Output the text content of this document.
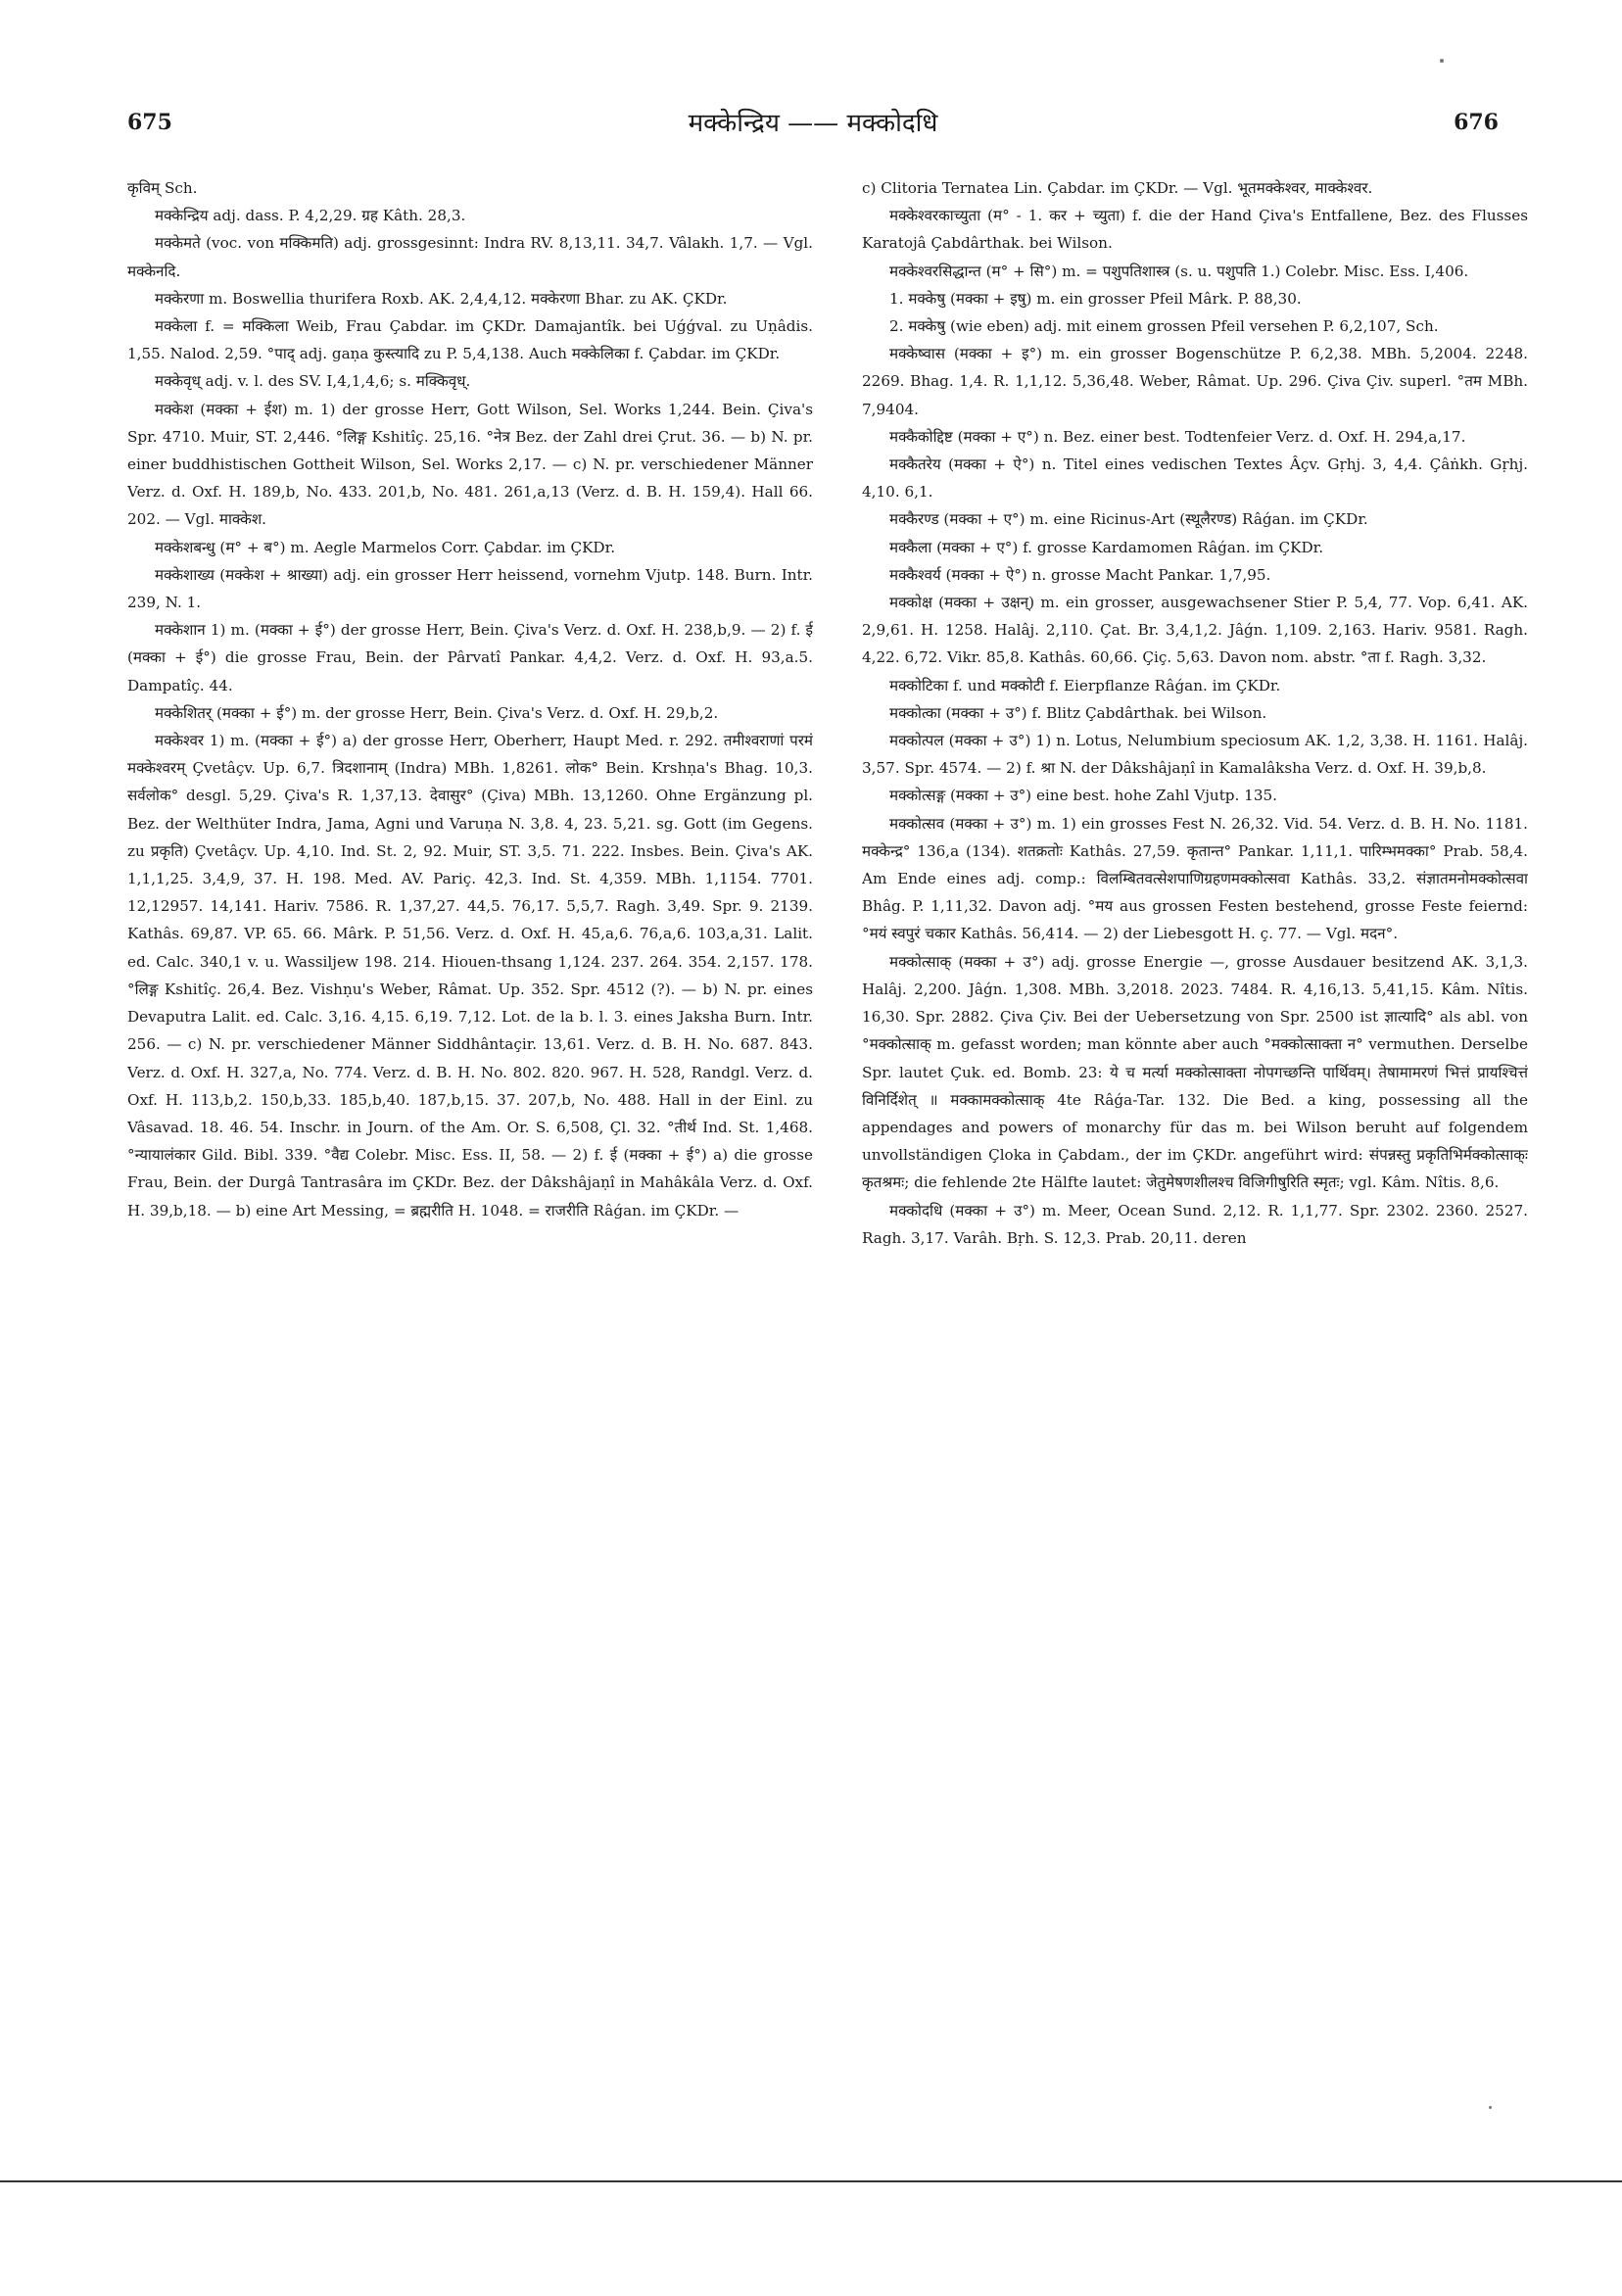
675	मक्केन्द्रिय —— मक्कोदधि	676

कृविम् Sch.

मक्केन्द्रिय adj. dass. P. 4,2,29. ग्रह Kâth. 28,3.

मक्केमते (voc. von मक्किमति) adj. grossgesinnt: Indra RV. 8,13,11. 34,7. Vâlakh. 1,7. — Vgl. मक्केनदि.

मक्केरणा m. Boswellia thurifera Roxb. AK. 2,4,4,12. मक्केरणा Bhar. zu AK. ÇKDr.

मक्केला f. = मक्किला Weib, Frau Çabdar. im ÇKDr. Damajantîk. bei Uǵǵval. zu Uṇâdis. 1,55. Nalod. 2,59. °पाद् adj. gaṇa कुस्त्यादि zu P. 5,4,138. Auch मक्केलिका f. Çabdar. im ÇKDr.

मक्केवृध् adj. v. l. des SV. I,4,1,4,6; s. मक्किवृध्.

मक्केश (मक्का + ईश) m. 1) der grosse Herr, Gott Wilson, Sel. Works 1,244. Bein. Çiva's Spr. 4710. Muir, ST. 2,446. °लिङ्ग Kshitîç. 25,16. °नेत्र Bez. der Zahl drei Çrut. 36. — b) N. pr. einer buddhistischen Gottheit Wilson, Sel. Works 2,17. — c) N. pr. verschiedener Männer Verz. d. Oxf. H. 189,b, No. 433. 201,b, No. 481. 261,a,13 (Verz. d. B. H. 159,4). Hall 66. 202. — Vgl. माक्केश.

मक्केशबन्धु (म° + ब°) m. Aegle Marmelos Corr. Çabdar. im ÇKDr.

मक्केशाख्य (मक्केश + श्राख्या) adj. ein grosser Herr heissend, vornehm Vjutp. 148. Burn. Intr. 239, N. 1.

मक्केशान 1) m. (मक्का + ई°) der grosse Herr, Bein. Çiva's Verz. d. Oxf. H. 238,b,9. — 2) f. ई (मक्का + ई°) die grosse Frau, Bein. der Pârvatî Pankar. 4,4,2. Verz. d. Oxf. H. 93,a.5. Dampatîç. 44.

मक्केशितर् (मक्का + ई°) m. der grosse Herr, Bein. Çiva's Verz. d. Oxf. H. 29,b,2.

मक्केश्वर 1) m. (मक्का + ई°) a) der grosse Herr, Oberherr, Haupt Med. r. 292. तमीश्वराणां परमं मक्केश्वरम् Çvetâçv. Up. 6,7. त्रिदशानाम् (Indra) MBh. 1,8261. लोक° Bein. Krshṇa's Bhag. 10,3. सर्वलोक° desgl. 5,29. Çiva's R. 1,37,13. देवासुर° (Çiva) MBh. 13,1260. Ohne Ergänzung pl. Bez. der Welthüter Indra, Jama, Agni und Varuṇa N. 3,8. 4, 23. 5,21. sg. Gott (im Gegens. zu प्रकृति) Çvetâçv. Up. 4,10. Ind. St. 2, 92. Muir, ST. 3,5. 71. 222. Insbes. Bein. Çiva's AK. 1,1,1,25. 3,4,9, 37. H. 198. Med. AV. Pariç. 42,3. Ind. St. 4,359. MBh. 1,1154. 7701. 12,12957. 14,141. Hariv. 7586. R. 1,37,27. 44,5. 76,17. 5,5,7. Ragh. 3,49. Spr. 9. 2139. Kathâs. 69,87. VP. 65. 66. Mârk. P. 51,56. Verz. d. Oxf. H. 45,a,6. 76,a,6. 103,a,31. Lalit. ed. Calc. 340,1 v. u. Wassiljew 198. 214. Hiouen-thsang 1,124. 237. 264. 354. 2,157. 178. °लिङ्ग Kshitîç. 26,4. Bez. Vishṇu's Weber, Râmat. Up. 352. Spr. 4512 (?). — b) N. pr. eines Devaputra Lalit. ed. Calc. 3,16. 4,15. 6,19. 7,12. Lot. de la b. l. 3. eines Jaksha Burn. Intr. 256. — c) N. pr. verschiedener Männer Siddhântaçir. 13,61. Verz. d. B. H. No. 687. 843. Verz. d. Oxf. H. 327,a, No. 774. Verz. d. B. H. No. 802. 820. 967. H. 528, Randgl. Verz. d. Oxf. H. 113,b,2. 150,b,33. 185,b,40. 187,b,15. 37. 207,b, No. 488. Hall in der Einl. zu Vâsavad. 18. 46. 54. Inschr. in Journ. of the Am. Or. S. 6,508, Çl. 32. °तीर्थ Ind. St. 1,468. °न्यायालंकार Gild. Bibl. 339. °वैद्य Colebr. Misc. Ess. II, 58. — 2) f. ई (मक्का + ई°) a) die grosse Frau, Bein. der Durgâ Tantrasâra im ÇKDr. Bez. der Dâkshâjaṇî in Mahâkâla Verz. d. Oxf. H. 39,b,18. — b) eine Art Messing, = ब्रह्मरीति H. 1048. = राजरीति Râǵan. im ÇKDr. —

c) Clitoria Ternatea Lin. Çabdar. im ÇKDr. — Vgl. भूतमक्केश्वर, माक्केश्वर.

मक्केश्वरकाच्युता (म° - 1. कर + च्युता) f. die der Hand Çiva's Entfallene, Bez. des Flusses Karatojâ Çabdârthak. bei Wilson.

मक्केश्वरसिद्धान्त (म° + सि°) m. = पशुपतिशास्त्र (s. u. पशुपति 1.) Colebr. Misc. Ess. I,406.

1. मक्केषु (मक्का + इषु) m. ein grosser Pfeil Mârk. P. 88,30.

2. मक्केषु (wie eben) adj. mit einem grossen Pfeil versehen P. 6,2,107, Sch.

मक्केष्वास (मक्का + इ°) m. ein grosser Bogenschütze P. 6,2,38. MBh. 5,2004. 2248. 2269. Bhag. 1,4. R. 1,1,12. 5,36,48. Weber, Râmat. Up. 296. Çiva Çiv. superl. °तम MBh. 7,9404.

मक्कैकोद्दिष्ट (मक्का + ए°) n. Bez. einer best. Todtenfeier Verz. d. Oxf. H. 294,a,17.

मक्कैतरेय (मक्का + ऐ°) n. Titel eines vedischen Textes Âçv. Gṛhj. 3, 4,4. Çâṅkh. Gṛhj. 4,10. 6,1.

मक्कैरण्ड (मक्का + ए°) m. eine Ricinus-Art (स्थूलैरण्ड) Râǵan. im ÇKDr.

मक्कैला (मक्का + ए°) f. grosse Kardamomen Râǵan. im ÇKDr.

मक्कैश्वर्य (मक्का + ऐ°) n. grosse Macht Pankar. 1,7,95.

मक्कोक्ष (मक्का + उक्षन्) m. ein grosser, ausgewachsener Stier P. 5,4, 77. Vop. 6,41. AK. 2,9,61. H. 1258. Halâj. 2,110. Çat. Br. 3,4,1,2. Jâǵn. 1,109. 2,163. Hariv. 9581. Ragh. 4,22. 6,72. Vikr. 85,8. Kathâs. 60,66. Çiç. 5,63. Davon nom. abstr. °ता f. Ragh. 3,32.

मक्कोटिका f. und मक्कोटी f. Eierpflanze Râǵan. im ÇKDr.

मक्कोत्का (मक्का + उ°) f. Blitz Çabdârthak. bei Wilson.

मक्कोत्पल (मक्का + उ°) 1) n. Lotus, Nelumbium speciosum AK. 1,2, 3,38. H. 1161. Halâj. 3,57. Spr. 4574. — 2) f. श्रा N. der Dâkshâjaṇî in Kamalâksha Verz. d. Oxf. H. 39,b,8.

मक्कोत्सङ्ग (मक्का + उ°) eine best. hohe Zahl Vjutp. 135.

मक्कोत्सव (मक्का + उ°) m. 1) ein grosses Fest N. 26,32. Vid. 54. Verz. d. B. H. No. 1181. मक्केन्द्र° 136,a (134). शतक्रतोः Kathâs. 27,59. कृतान्त° Pankar. 1,11,1. पारिम्भमक्का° Prab. 58,4. Am Ende eines adj. comp.: विलम्बितवत्सेशपाणिग्रहणमक्कोत्सवा Kathâs. 33,2. संज्ञातमनोमक्कोत्सवा Bhâg. P. 1,11,32. Davon adj. °मय aus grossen Festen bestehend, grosse Feste feiernd: °मयं स्वपुरं चकार Kathâs. 56,414. — 2) der Liebesgott H. ç. 77. — Vgl. मदन°.

मक्कोत्साक् (मक्का + उ°) adj. grosse Energie —, grosse Ausdauer besitzend AK. 3,1,3. Halâj. 2,200. Jâǵn. 1,308. MBh. 3,2018. 2023. 7484. R. 4,16,13. 5,41,15. Kâm. Nîtis. 16,30. Spr. 2882. Çiva Çiv. Bei der Uebersetzung von Spr. 2500 ist ज्ञात्यादि° als abl. von °मक्कोत्साक् m. gefasst worden; man könnte aber auch °मक्कोत्साक्ता न° vermuthen. Derselbe Spr. lautet Çuk. ed. Bomb. 23: ये च मर्त्या मक्कोत्साक्ता नोपगच्छन्ति पार्थिवम्। तेषामामरणं भित्तं प्रायश्चित्तं विनिर्दिशेत् ॥ मक्कामक्कोत्साक् 4te Râǵa-Tar. 132. Die Bed. a king, possessing all the appendages and powers of monarchy für das m. bei Wilson beruht auf folgendem unvollständigen Çloka in Çabdam., der im ÇKDr. angeführt wird: संपन्नस्तु प्रकृतिभिर्मक्कोत्साक्ः कृतश्रमः; die fehlende 2te Hälfte lautet: जेतुमेषणशीलश्च विजिगीषुरिति स्मृतः; vgl. Kâm. Nîtis. 8,6.

मक्कोदधि (मक्का + उ°) m. Meer, Ocean Sund. 2,12. R. 1,1,77. Spr. 2302. 2360. 2527. Ragh. 3,17. Varâh. Bṛh. S. 12,3. Prab. 20,11. deren
